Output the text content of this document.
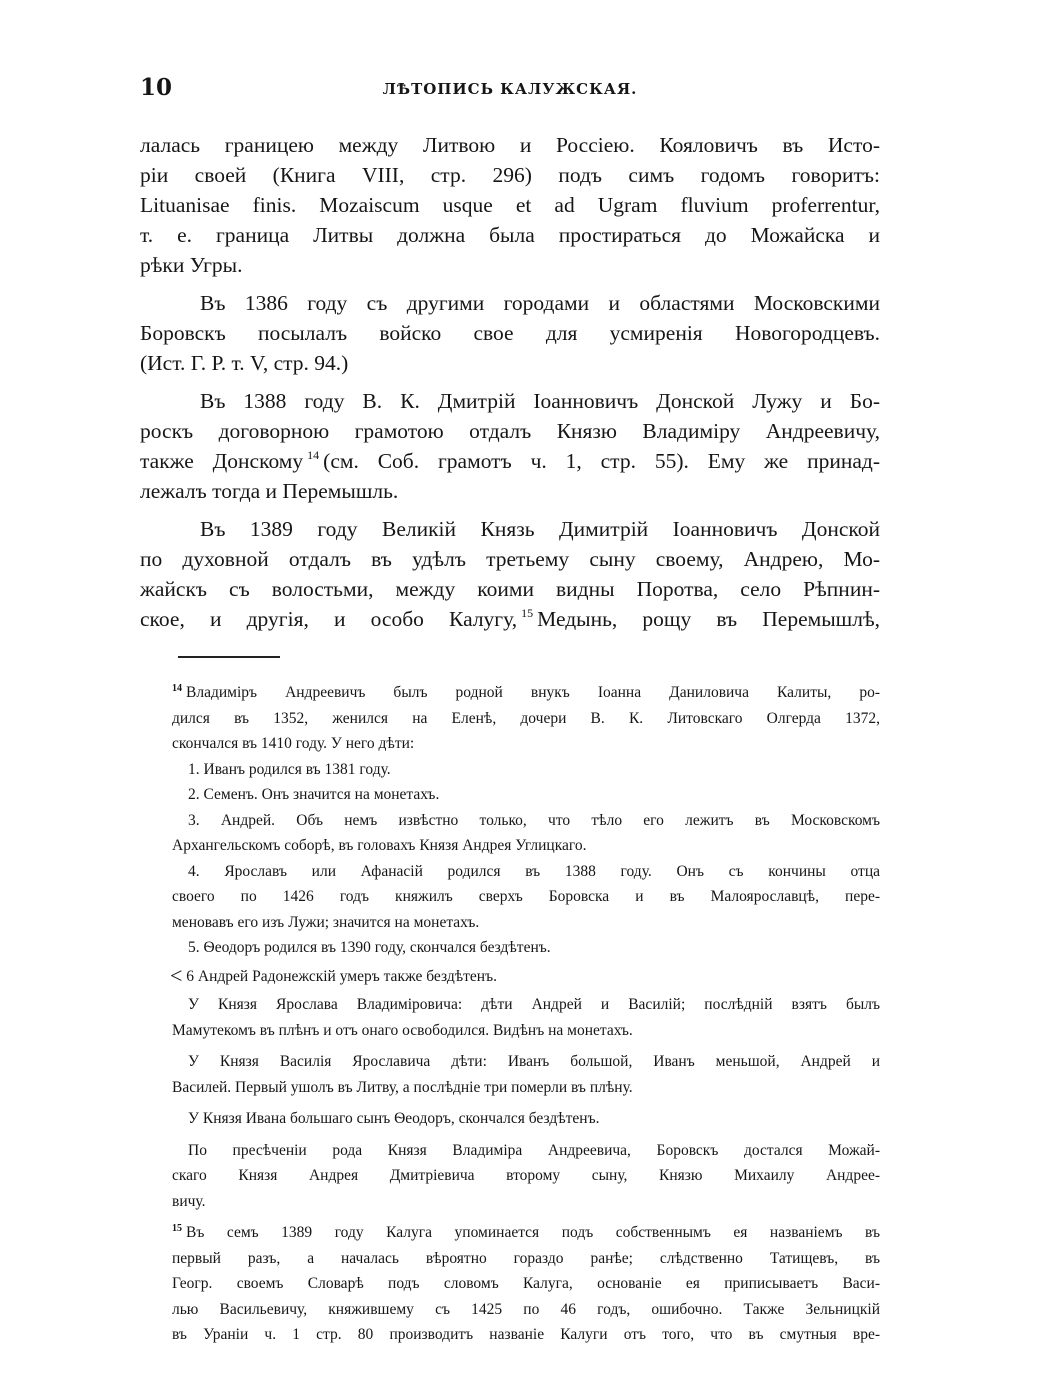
10	ЛѢТОПИСЬ КАЛУЖСКАЯ.
лалась границею между Литвою и Россіею. Кояловичъ въ Исто-
ріи своей (Книга VIII, стр. 296) подъ симъ годомъ говоритъ:
Lituanisae finis. Mozaiscum usque et ad Ugram fluvium proferrentur,
т. е. граница Литвы должна была простираться до Можайска и
рѣки Угры.
Въ 1386 году съ другими городами и областями Московскими
Боровскъ посылалъ войско свое для усмиренія Новогородцевъ.
(Ист. Г. Р. т. V, стр. 94.)
Въ 1388 году В. К. Дмитрій Іоанновичъ Донской Лужу и Бо-
роскъ договорною грамотою отдалъ Князю Владиміру Андреевичу,
также Донскому $^{14}$ (см. Соб. грамотъ ч. 1, стр. 55). Ему же принад-
лежалъ тогда и Перемышль.
Въ 1389 году Великій Князь Димитрій Іоанновичъ Донской
по духовной отдалъ въ удѣлъ третьему сыну своему, Андрею, Мо-
жайскъ съ волостьми, между коими видны Поротва, село Рѣпнин-
ское, и другія, и особо Калугу, $^{15}$ Медынь, рощу въ Перемышлѣ,
$^{14}$ Владиміръ Андреевичъ былъ родной внукъ Іоанна Даниловича Калиты, ро-
дился въ 1352, женился на Еленѣ, дочери В. К. Литовскаго Олгерда 1372,
скончался въ 1410 году. У него дѣти:
1. Иванъ родился въ 1381 году.
2. Семенъ. Онъ значится на монетахъ.
3. Андрей. Объ немъ извѣстно только, что тѣло его лежитъ въ Московскомъ
Архангельскомъ соборѣ, въ головахъ Князя Андрея Углицкаго.
4. Ярославъ или Афанасій родился въ 1388 году. Онъ съ кончины отца
своего по 1426 годъ княжилъ сверхъ Боровска и въ Малоярославцѣ, пере-
меновавъ его изъ Лужи; значится на монетахъ.
5. Ѳеодоръ родился въ 1390 году, скончался бездѣтенъ.
< 6 Андрей Радонежскій умеръ также бездѣтенъ.
У Князя Ярослава Владиміровича: дѣти Андрей и Василій; послѣдній взятъ былъ
Мамутекомъ въ плѣнъ и отъ онаго освободился. Видѣнъ на монетахъ.
У Князя Василія Ярославича дѣти: Иванъ большой, Иванъ меньшой, Андрей и
Василей. Первый ушолъ въ Литву, а послѣдніе три померли въ плѣну.
У Князя Ивана большаго сынъ Ѳеодоръ, скончался бездѣтенъ.
По пресѣченіи рода Князя Владиміра Андреевича, Боровскъ достался Можай-
скаго Князя Андрея Дмитріевича второму сыну, Князю Михаилу Андрее-
вичу.
$^{15}$ Въ семъ 1389 году Калуга упоминается подъ собственнымъ ея названіемъ въ
первый разъ, а началась вѣроятно гораздо ранѣе; слѣдственно Татищевъ, въ
Геогр. своемъ Словарѣ подъ словомъ Калуга, основаніе ея приписываетъ Васи-
лью Васильевичу, княжившему съ 1425 по 46 годъ, ошибочно. Также Зельницкій
въ Ураніи ч. 1 стр. 80 производитъ названіе Калуги отъ того, что въ смутныя вре-
